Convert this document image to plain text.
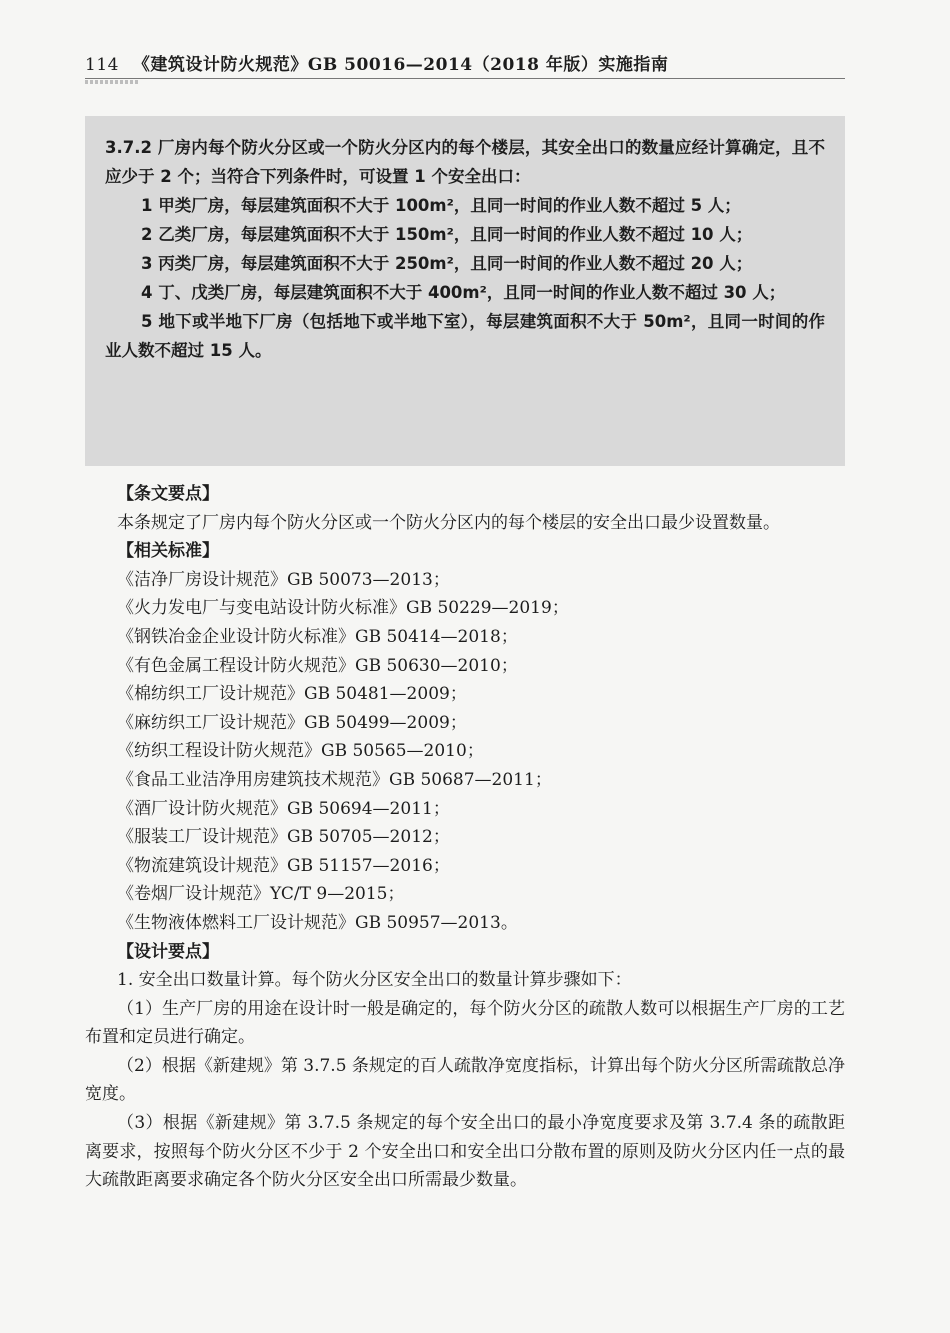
114 《建筑设计防火规范》GB 50016—2014（2018 年版）实施指南

3.7.2 厂房内每个防火分区或一个防火分区内的每个楼层，其安全出口的数量应经计算确定，且不应少于 2 个；当符合下列条件时，可设置 1 个安全出口：

1 甲类厂房，每层建筑面积不大于 100m²，且同一时间的作业人数不超过 5 人；

2 乙类厂房，每层建筑面积不大于 150m²，且同一时间的作业人数不超过 10 人；

3 丙类厂房，每层建筑面积不大于 250m²，且同一时间的作业人数不超过 20 人；

4 丁、戊类厂房，每层建筑面积不大于 400m²，且同一时间的作业人数不超过 30 人；

5 地下或半地下厂房（包括地下或半地下室），每层建筑面积不大于 50m²，且同一时间的作业人数不超过 15 人。

【条文要点】

本条规定了厂房内每个防火分区或一个防火分区内的每个楼层的安全出口最少设置数量。

【相关标准】

《洁净厂房设计规范》GB 50073—2013；

《火力发电厂与变电站设计防火标准》GB 50229—2019；

《钢铁冶金企业设计防火标准》GB 50414—2018；

《有色金属工程设计防火规范》GB 50630—2010；

《棉纺织工厂设计规范》GB 50481—2009；

《麻纺织工厂设计规范》GB 50499—2009；

《纺织工程设计防火规范》GB 50565—2010；

《食品工业洁净用房建筑技术规范》GB 50687—2011；

《酒厂设计防火规范》GB 50694—2011；

《服装工厂设计规范》GB 50705—2012；

《物流建筑设计规范》GB 51157—2016；

《卷烟厂设计规范》YC/T 9—2015；

《生物液体燃料工厂设计规范》GB 50957—2013。

【设计要点】

1. 安全出口数量计算。每个防火分区安全出口的数量计算步骤如下：

（1）生产厂房的用途在设计时一般是确定的，每个防火分区的疏散人数可以根据生产厂房的工艺布置和定员进行确定。

（2）根据《新建规》第 3.7.5 条规定的百人疏散净宽度指标，计算出每个防火分区所需疏散总净宽度。

（3）根据《新建规》第 3.7.5 条规定的每个安全出口的最小净宽度要求及第 3.7.4 条的疏散距离要求，按照每个防火分区不少于 2 个安全出口和安全出口分散布置的原则及防火分区内任一点的最大疏散距离要求确定各个防火分区安全出口所需最少数量。
